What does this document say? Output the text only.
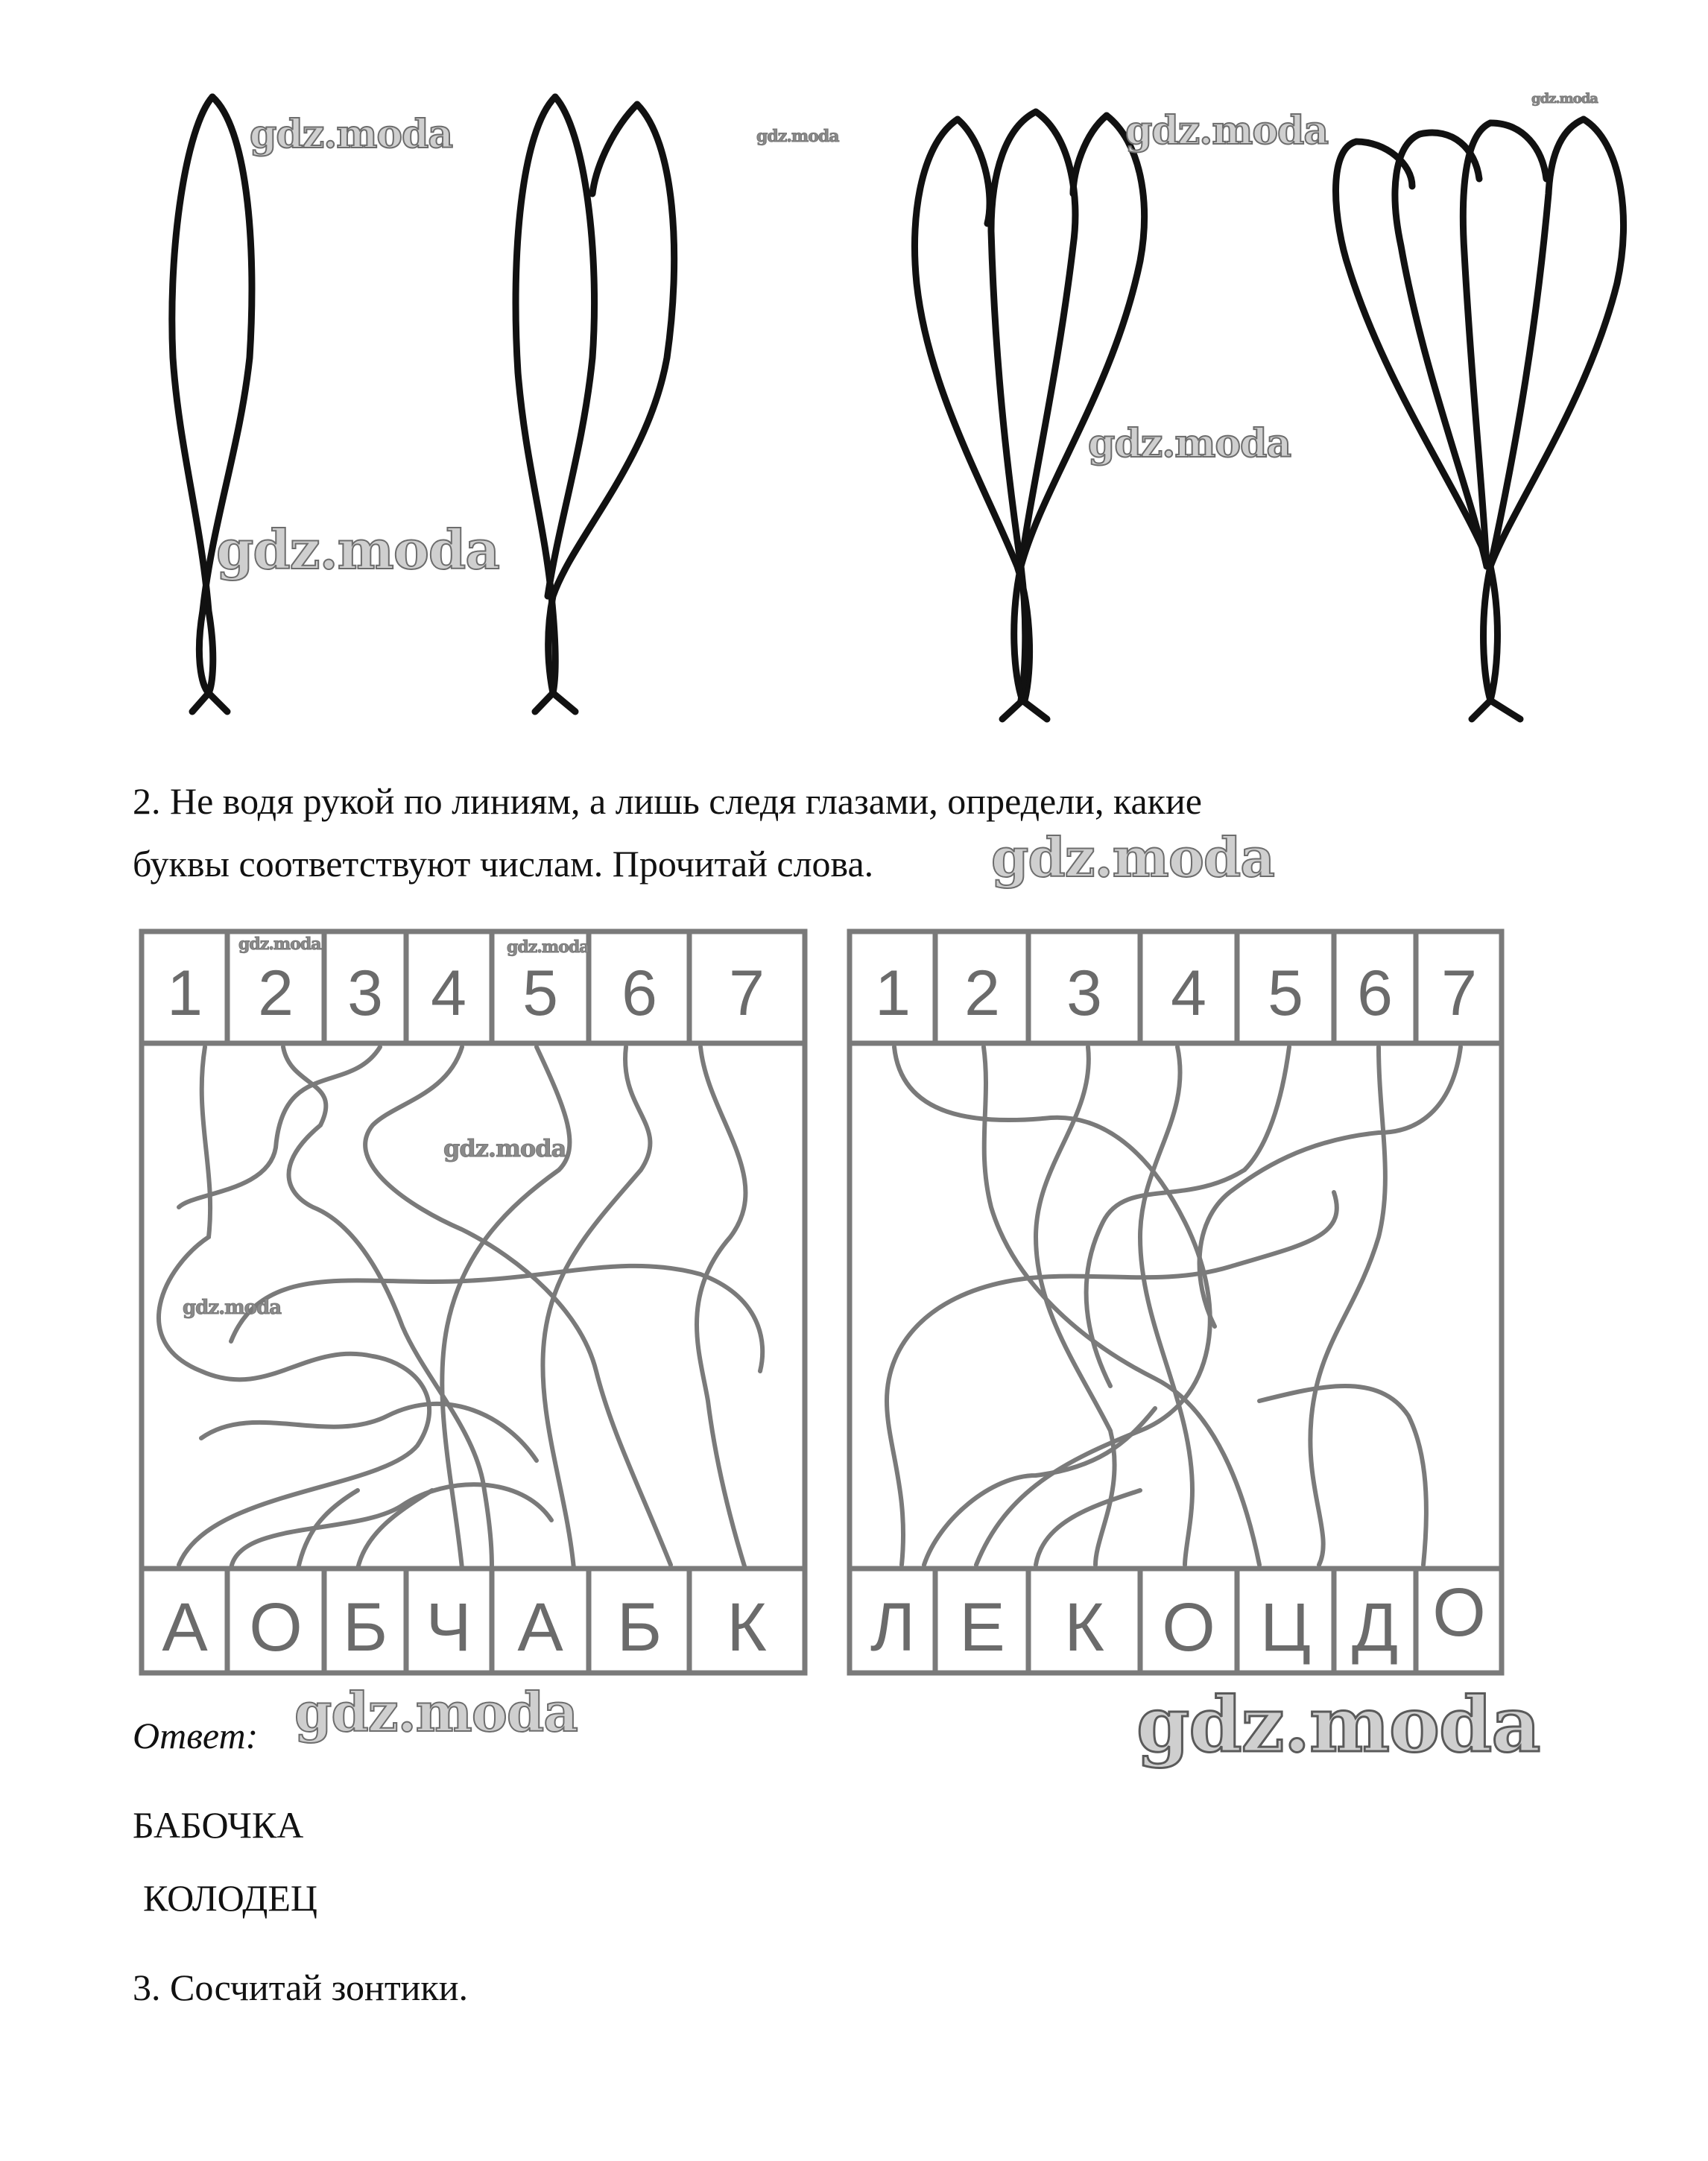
gdz.moda	gdz.moda	gdz.moda
gdz.moda
gdz.moda
gdz.moda
2. Не водя рукой по линиям, а лишь следя глазами, определи, какие
буквы соответствуют числам. Прочитай слова. gdz.moda
1 2 3 4 5 6 7
А О Б Ч А Б К
gdz.moda	gdz.moda
gdz.moda
gdz.moda
1 2 3 4 5 6 7
Л Е К О Ц Д О
Ответ: gdz.moda	gdz.moda
БАБОЧКА
КОЛОДЕЦ
3. Сосчитай зонтики.
